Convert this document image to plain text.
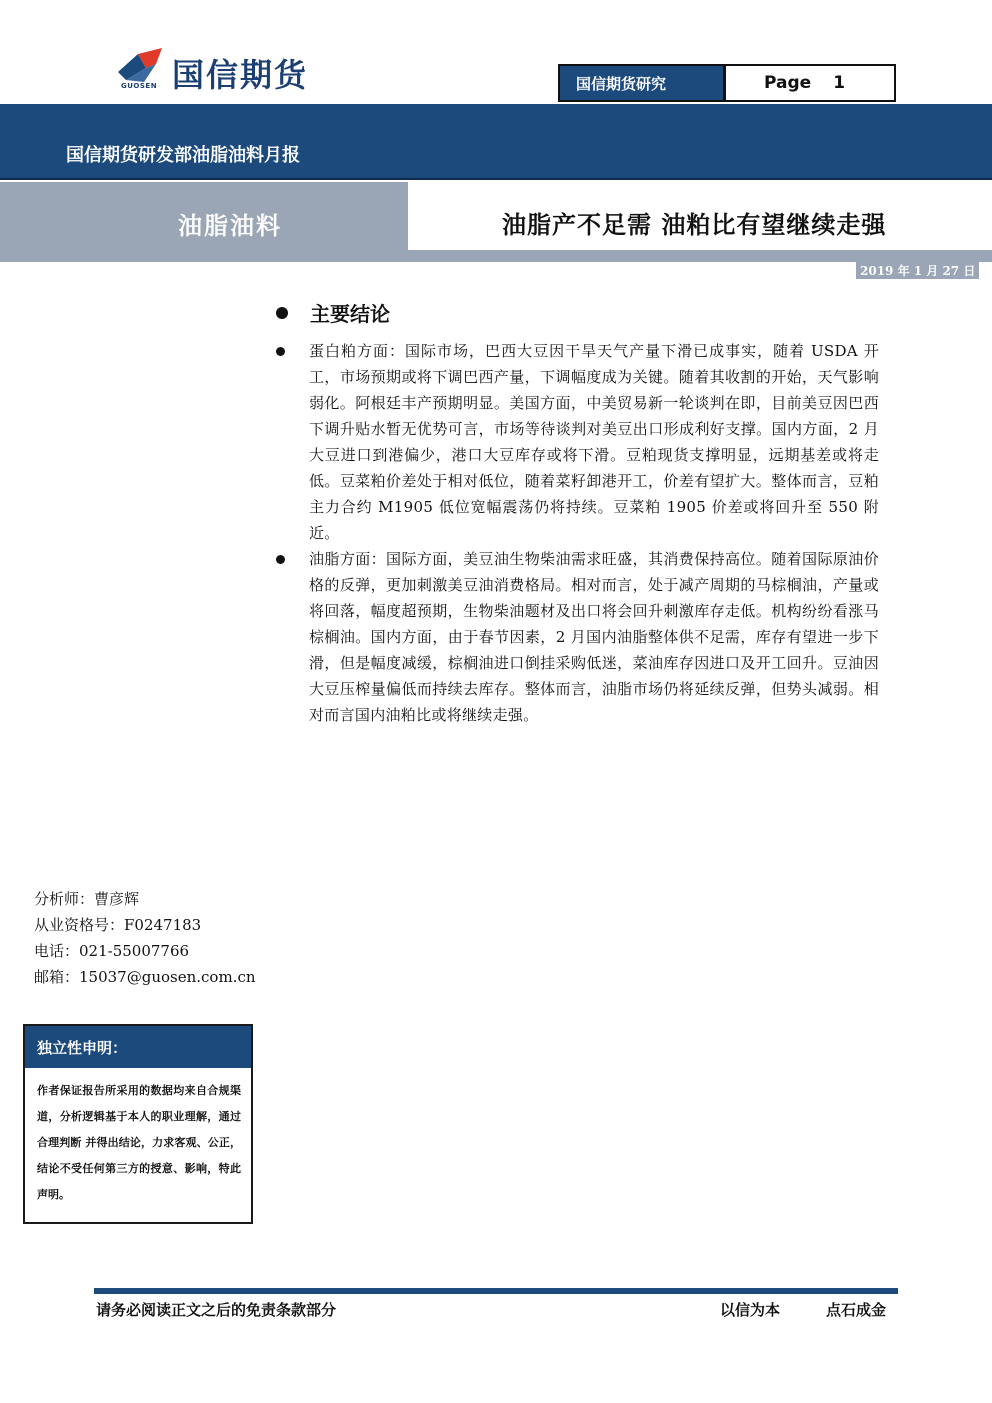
国信期货
GUOSEN	国信期货研究	Page 1
国信期货研发部油脂油料月报
油脂油料	油脂产不足需 油粕比有望继续走强
2019 年 1 月 27 日
主要结论
蛋白粕方面：国际市场，巴西大豆因干旱天气产量下滑已成事实，随着 USDA 开工，市场预期或将下调巴西产量，下调幅度成为关键。随着其收割的开始，天气影响弱化。阿根廷丰产预期明显。美国方面，中美贸易新一轮谈判在即，目前美豆因巴西下调升贴水暂无优势可言，市场等待谈判对美豆出口形成利好支撑。国内方面，2 月大豆进口到港偏少，港口大豆库存或将下滑。豆粕现货支撑明显，远期基差或将走低。豆菜粕价差处于相对低位，随着菜籽卸港开工，价差有望扩大。整体而言，豆粕主力合约 M1905 低位宽幅震荡仍将持续。豆菜粕 1905 价差或将回升至 550 附近。
油脂方面：国际方面，美豆油生物柴油需求旺盛，其消费保持高位。随着国际原油价格的反弹，更加刺激美豆油消费格局。相对而言，处于减产周期的马棕榈油，产量或将回落，幅度超预期，生物柴油题材及出口将会回升刺激库存走低。机构纷纷看涨马棕榈油。国内方面，由于春节因素，2 月国内油脂整体供不足需，库存有望进一步下滑，但是幅度减缓，棕榈油进口倒挂采购低迷，菜油库存因进口及开工回升。豆油因大豆压榨量偏低而持续去库存。整体而言，油脂市场仍将延续反弹，但势头减弱。相对而言国内油粕比或将继续走强。
分析师：曹彦辉
从业资格号：F0247183
电话：021-55007766
邮箱：15037@guosen.com.cn
独立性申明：
作者保证报告所采用的数据均来自合规渠道，分析逻辑基于本人的职业理解，通过合理判断 并得出结论，力求客观、公正，结论不受任何第三方的授意、影响，特此声明。
请务必阅读正文之后的免责条款部分	以信为本	点石成金
